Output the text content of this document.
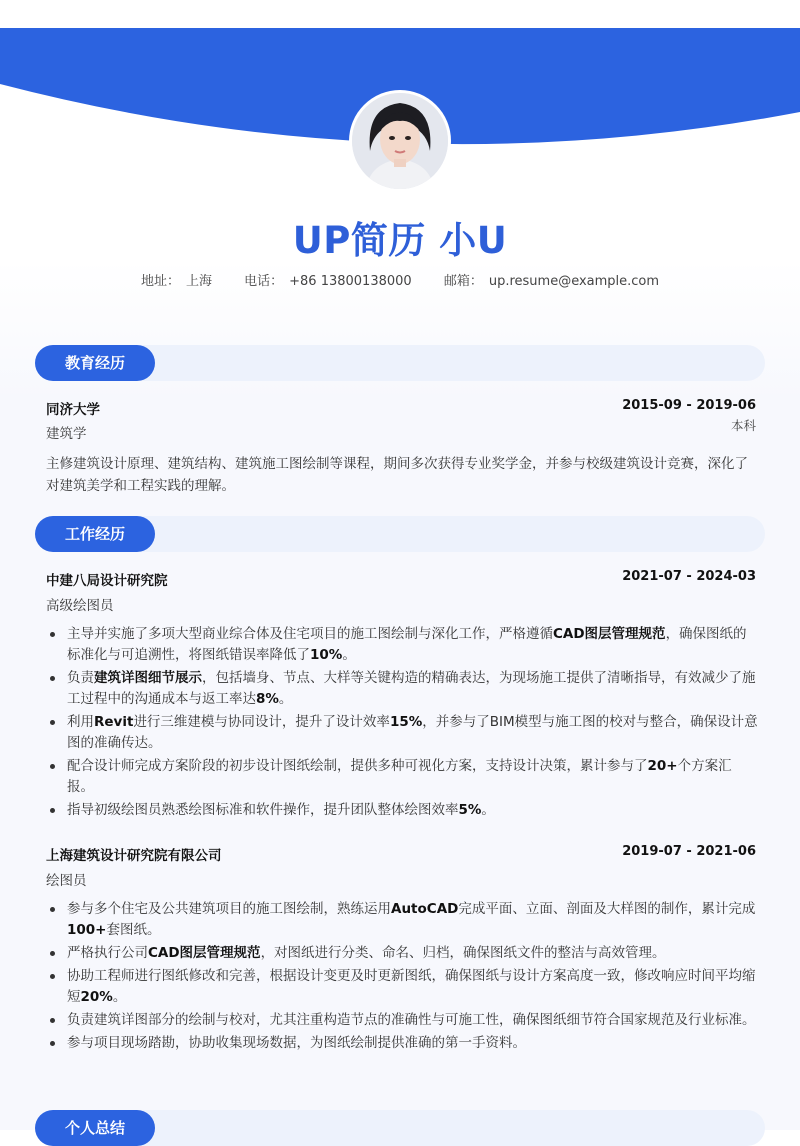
UP简历 小U
地址： 上海 电话： +86 13800138000 邮箱： up.resume@example.com
教育经历
同济大学	2015-09 - 2019-06
建筑学
本科
主修建筑设计原理、建筑结构、建筑施工图绘制等课程，期间多次获得专业奖学金，并参与校级建筑设计竞赛，深化了对建筑美学和工程实践的理解。
工作经历
中建八局设计研究院	2021-07 - 2024-03
高级绘图员
主导并实施了多项大型商业综合体及住宅项目的施工图绘制与深化工作，严格遵循CAD图层管理规范，确保图纸的标准化与可追溯性，将图纸错误率降低了10%。
负责建筑详图细节展示，包括墙身、节点、大样等关键构造的精确表达，为现场施工提供了清晰指导，有效减少了施工过程中的沟通成本与返工率达8%。
利用Revit进行三维建模与协同设计，提升了设计效率15%，并参与了BIM模型与施工图的校对与整合，确保设计意图的准确传达。
配合设计师完成方案阶段的初步设计图纸绘制，提供多种可视化方案，支持设计决策，累计参与了20+个方案汇报。
指导初级绘图员熟悉绘图标准和软件操作，提升团队整体绘图效率5%。
上海建筑设计研究院有限公司	2019-07 - 2021-06
绘图员
参与多个住宅及公共建筑项目的施工图绘制，熟练运用AutoCAD完成平面、立面、剖面及大样图的制作，累计完成100+套图纸。
严格执行公司CAD图层管理规范，对图纸进行分类、命名、归档，确保图纸文件的整洁与高效管理。
协助工程师进行图纸修改和完善，根据设计变更及时更新图纸，确保图纸与设计方案高度一致，修改响应时间平均缩短20%。
负责建筑详图部分的绘制与校对，尤其注重构造节点的准确性与可施工性，确保图纸细节符合国家规范及行业标准。
参与项目现场踏勘，协助收集现场数据，为图纸绘制提供准确的第一手资料。
个人总结
